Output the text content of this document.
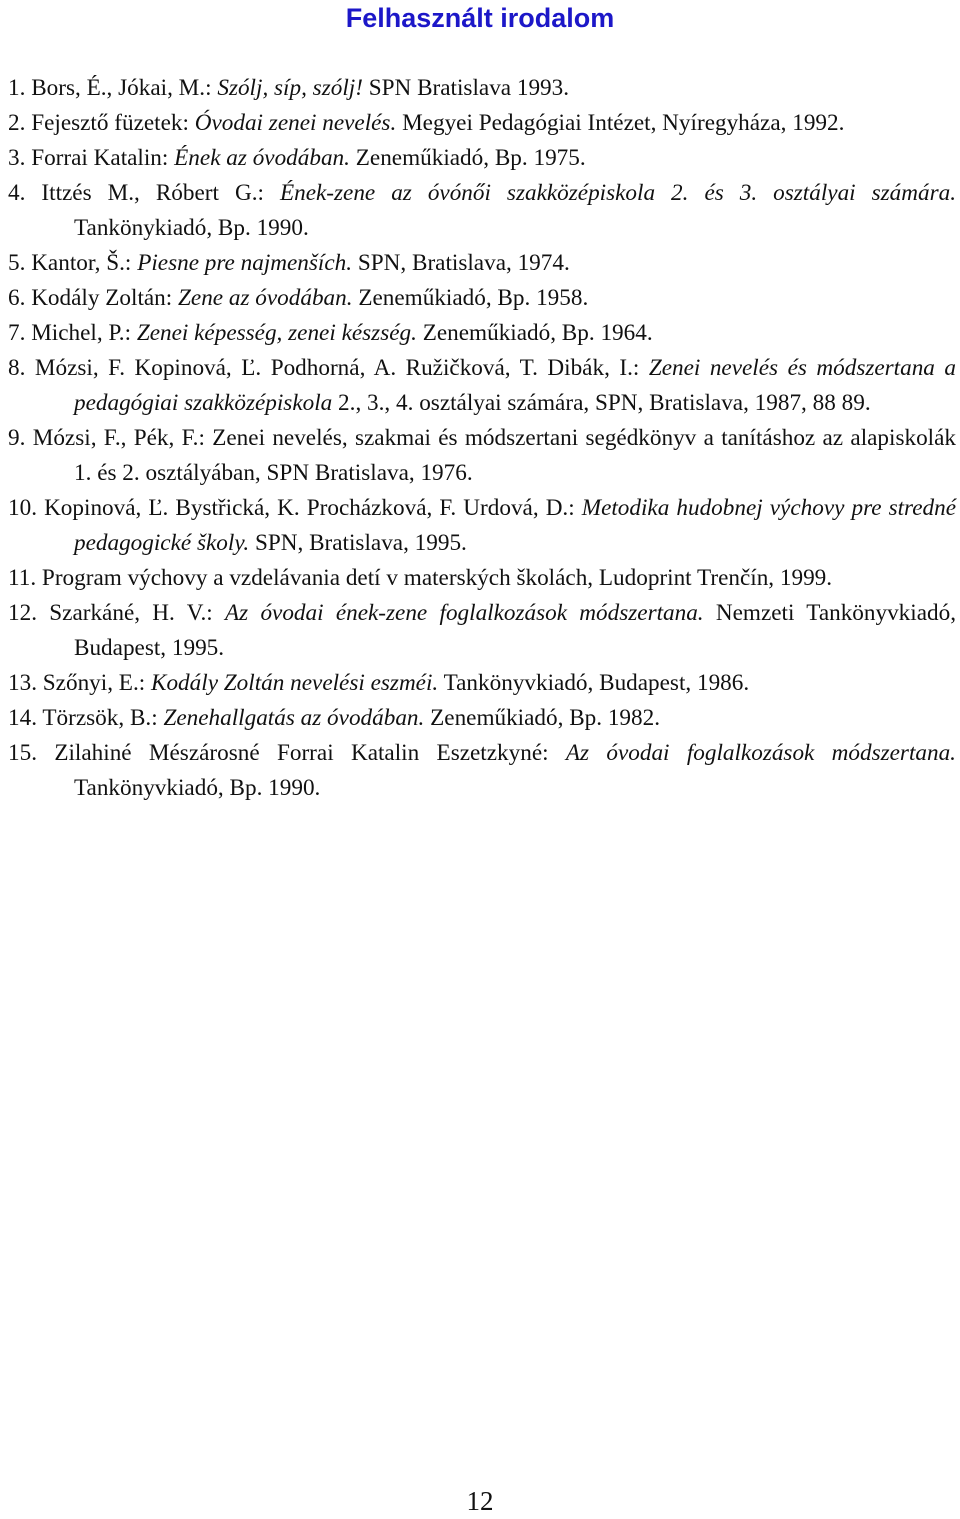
Felhasznált irodalom
1. Bors, É., Jókai, M.: Szólj, síp, szólj! SPN Bratislava 1993.
2. Fejesztő füzetek: Óvodai zenei nevelés. Megyei Pedagógiai Intézet, Nyíregyháza, 1992.
3. Forrai Katalin: Ének az óvodában. Zeneműkiadó, Bp. 1975.
4. Ittzés M., Róbert G.: Ének-zene az óvónői szakközépiskola 2. és 3. osztályai számára. Tankönykiadó, Bp. 1990.
5. Kantor, Š.: Piesne pre najmenších. SPN, Bratislava, 1974.
6. Kodály Zoltán: Zene az óvodában. Zeneműkiadó, Bp. 1958.
7. Michel, P.: Zenei képesség, zenei készség. Zeneműkiadó, Bp. 1964.
8. Mózsi, F. Kopinová, Ľ. Podhorná, A. Ružičková, T. Dibák, I.: Zenei nevelés és módszertana a pedagógiai szakközépiskola 2., 3., 4. osztályai számára, SPN, Bratislava, 1987, 88 89.
9. Mózsi, F., Pék, F.: Zenei nevelés, szakmai és módszertani segédkönyv a tanításhoz az alapiskolák 1. és 2. osztályában, SPN Bratislava, 1976.
10. Kopinová, Ľ. Bystřická, K. Procházková, F. Urdová, D.: Metodika hudobnej výchovy pre stredné pedagogické školy. SPN, Bratislava, 1995.
11. Program výchovy a vzdelávania detí v materských školách, Ludoprint Trenčín, 1999.
12. Szarkáné, H. V.: Az óvodai ének-zene foglalkozások módszertana. Nemzeti Tankönyvkiadó, Budapest, 1995.
13. Szőnyi, E.: Kodály Zoltán nevelési eszméi. Tankönyvkiadó, Budapest, 1986.
14. Törzsök, B.: Zenehallgatás az óvodában. Zeneműkiadó, Bp. 1982.
15. Zilahiné Mészárosné Forrai Katalin Eszetzkyné: Az óvodai foglalkozások módszertana. Tankönyvkiadó, Bp. 1990.
12
